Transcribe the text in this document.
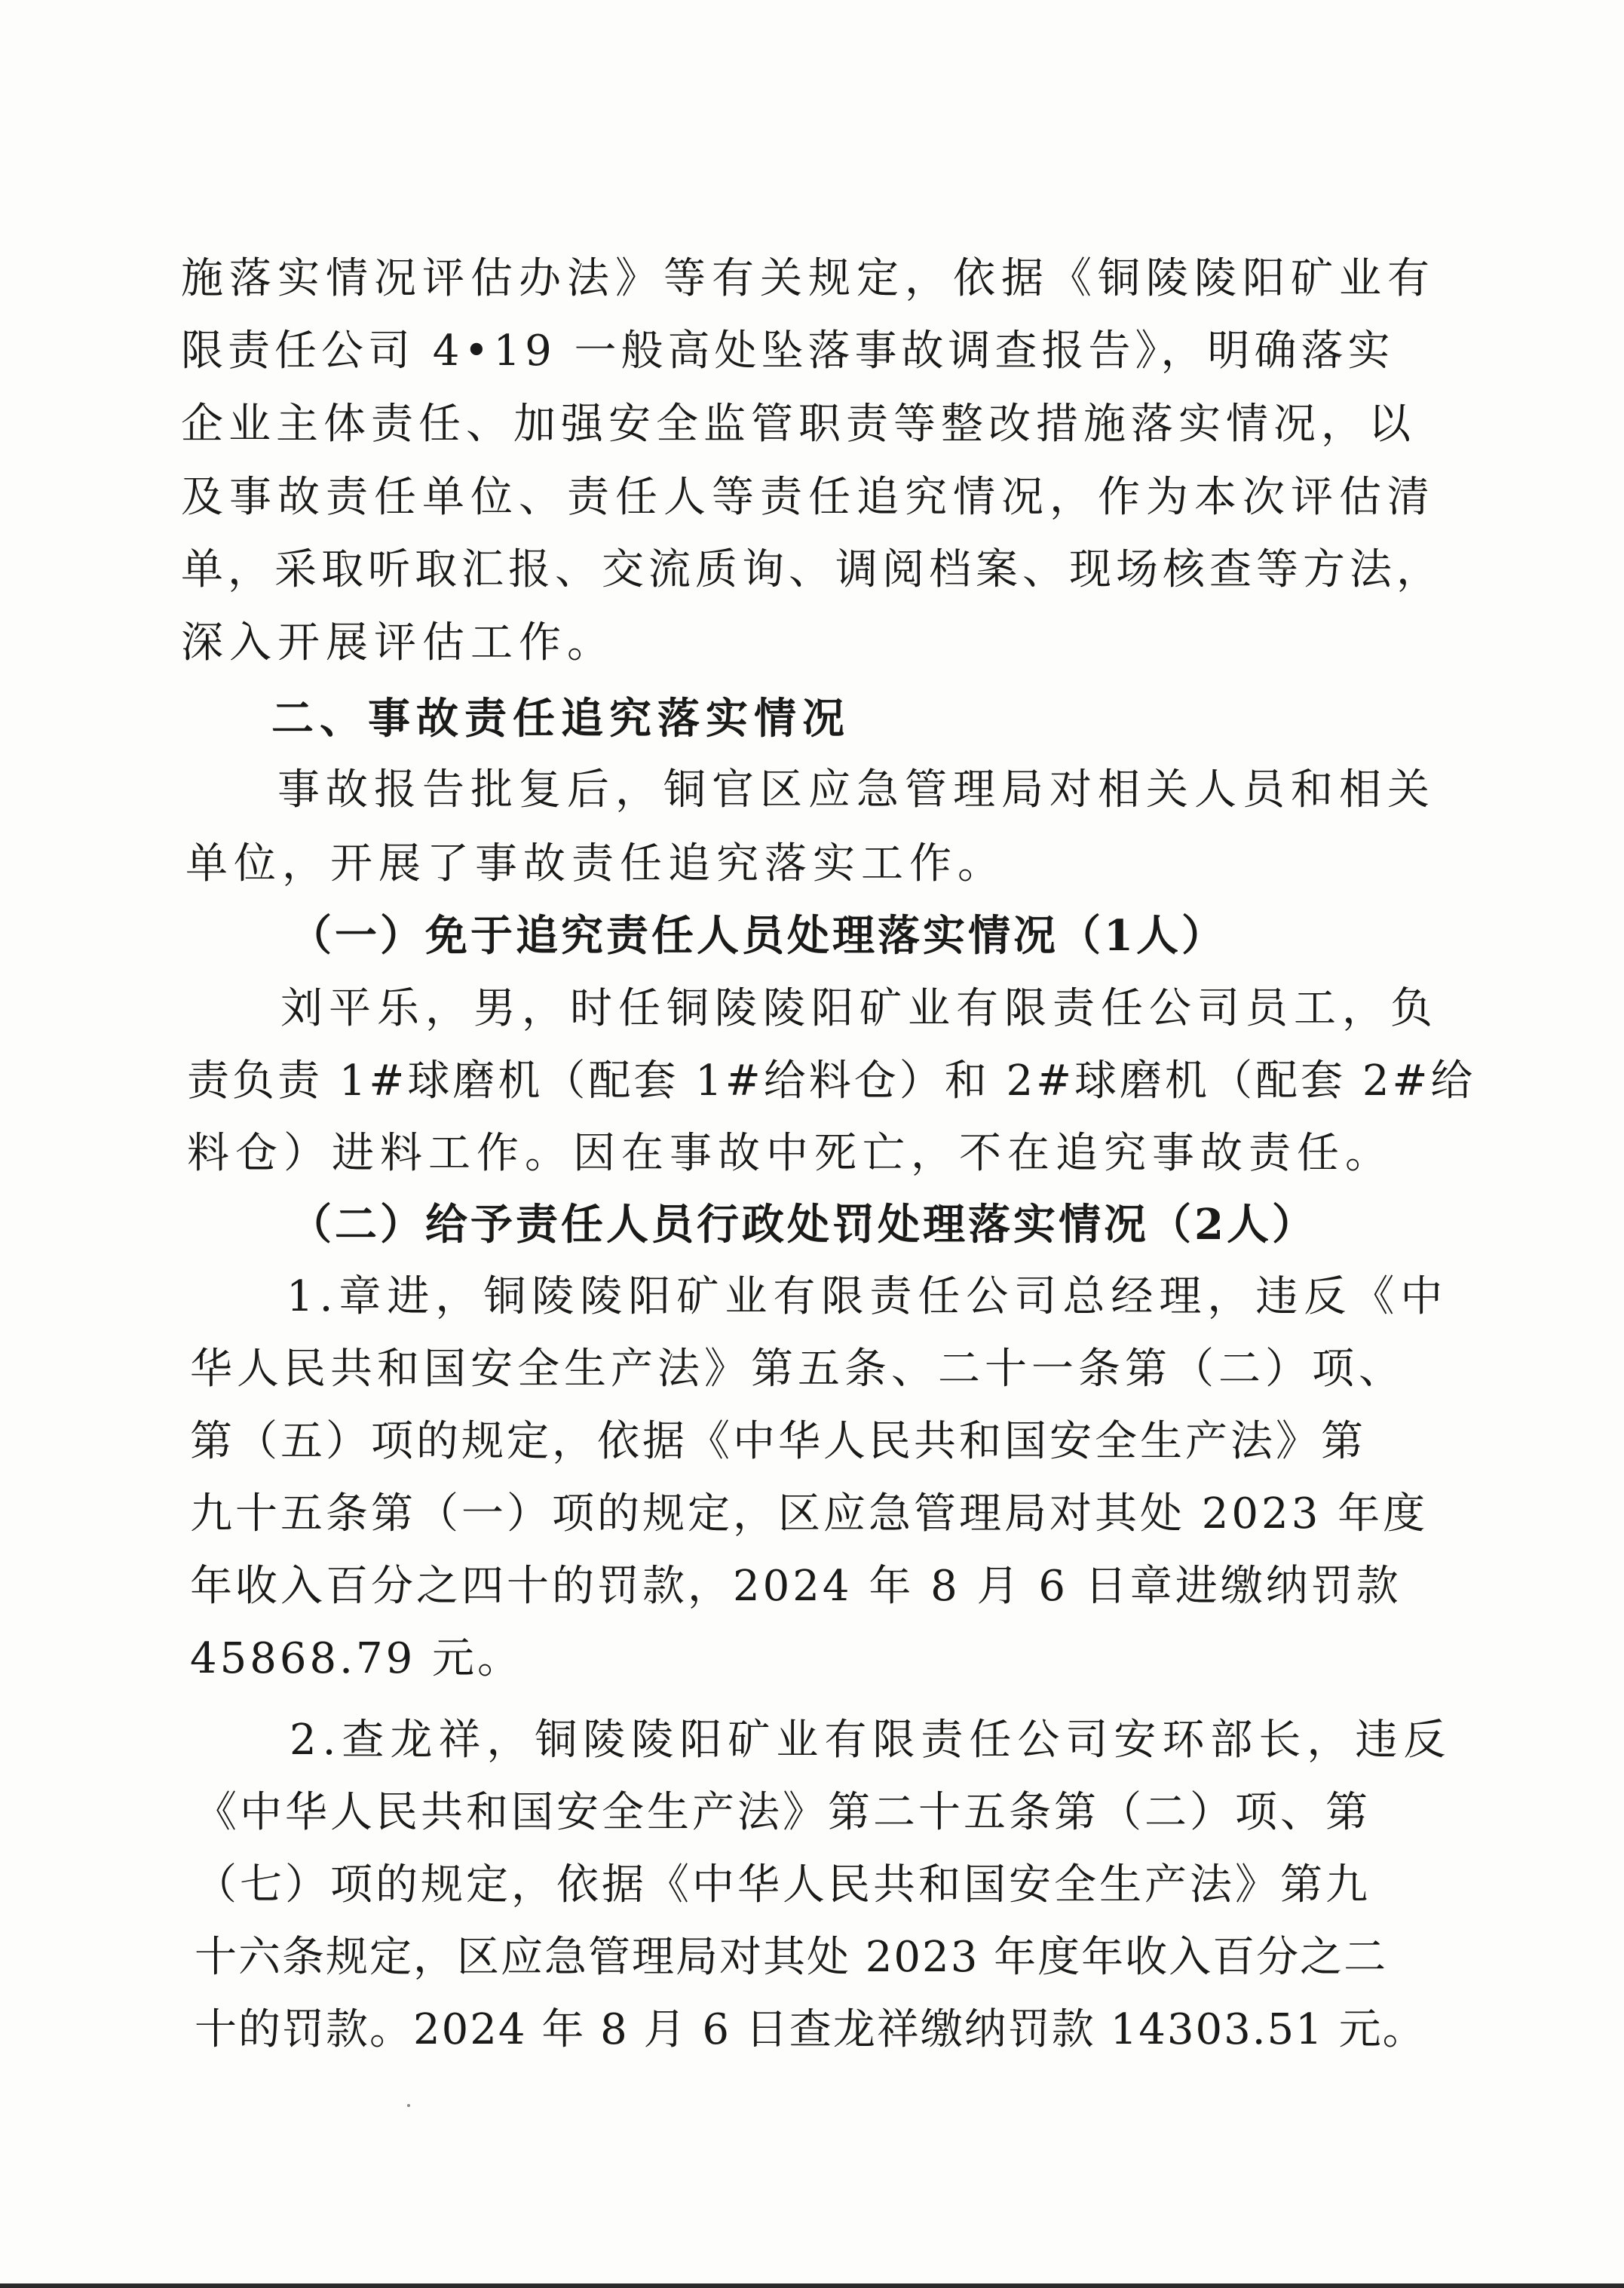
施落实情况评估办法》等有关规定，依据《铜陵陵阳矿业有
限责任公司 4•19 一般高处坠落事故调查报告》，明确落实
企业主体责任、加强安全监管职责等整改措施落实情况，以
及事故责任单位、责任人等责任追究情况，作为本次评估清
单，采取听取汇报、交流质询、调阅档案、现场核查等方法，
深入开展评估工作。
二、事故责任追究落实情况
事故报告批复后，铜官区应急管理局对相关人员和相关
单位，开展了事故责任追究落实工作。
（一）免于追究责任人员处理落实情况（1人）
刘平乐，男，时任铜陵陵阳矿业有限责任公司员工，负
责负责 1#球磨机（配套 1#给料仓）和 2#球磨机（配套 2#给
料仓）进料工作。因在事故中死亡，不在追究事故责任。
（二）给予责任人员行政处罚处理落实情况（2人）
1.章进，铜陵陵阳矿业有限责任公司总经理，违反《中
华人民共和国安全生产法》第五条、二十一条第（二）项、
第（五）项的规定，依据《中华人民共和国安全生产法》第
九十五条第（一）项的规定，区应急管理局对其处 2023 年度
年收入百分之四十的罚款，2024 年 8 月 6 日章进缴纳罚款
45868.79 元。
2.查龙祥，铜陵陵阳矿业有限责任公司安环部长，违反
《中华人民共和国安全生产法》第二十五条第（二）项、第
（七）项的规定，依据《中华人民共和国安全生产法》第九
十六条规定，区应急管理局对其处 2023 年度年收入百分之二
十的罚款。2024 年 8 月 6 日查龙祥缴纳罚款 14303.51 元。
